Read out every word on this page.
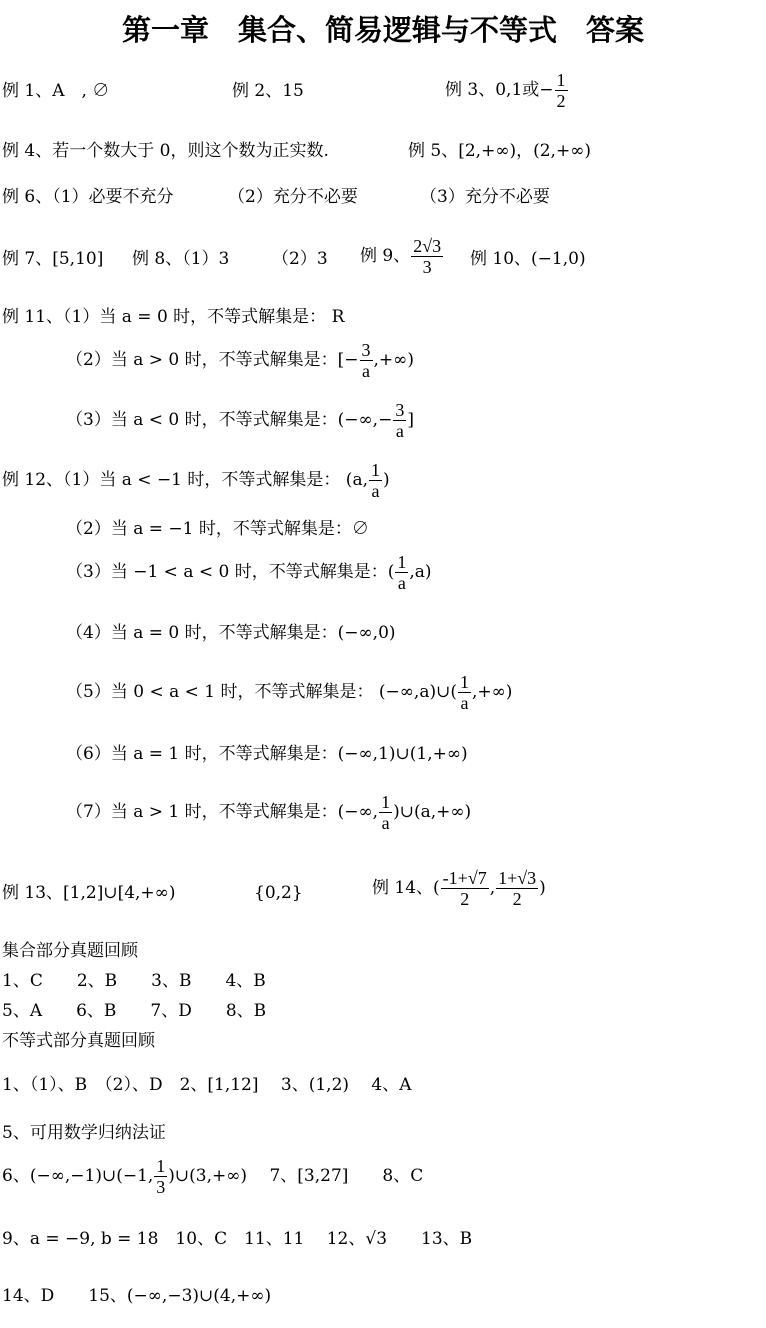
第一章　集合、简易逻辑与不等式　答案
例 1、A　, ∅	例 2、15	例 3、0,1或− $\frac{1}{2}$
例 4、若一个数大于 0，则这个数为正实数.	例 5、[2,+∞)，(2,+∞)
例 6、（1）必要不充分	（2）充分不必要	（3）充分不必要
例 7、[5,10] 例 8、（1）3	（2）3 例 9、 $\frac{2√3}{3}$ 例 10、(−1,0)
例 11、（1）当 a = 0 时，不等式解集是： R
（2）当 a > 0 时，不等式解集是：[− $\frac{3}{a}$ ,+∞)
（3）当 a < 0 时，不等式解集是：(−∞,− $\frac{3}{a}$ ]
例 12、（1）当 a < −1 时，不等式解集是： (a, $\frac{1}{a}$ )
（2）当 a = −1 时，不等式解集是：∅
（3）当 −1 < a < 0 时，不等式解集是：( $\frac{1}{a} ,a$)
（4）当 a = 0 时，不等式解集是：(−∞,0)
（5）当 0 < a < 1 时，不等式解集是： (−∞,a)∪( $\frac{1}{a}$ ,+∞)
（6）当 a = 1 时，不等式解集是：(−∞,1)∪(1,+∞)
（7）当 a > 1 时，不等式解集是：(−∞, $\frac{1}{a}$ )∪(a,+∞)
例 13、[1,2]∪[4,+∞)	{0,2}	例 14、( $\frac{-1+√7}{2}$ , $\frac{1+√3}{2}$ )
集合部分真题回顾
1、C　　2、B　　3、B　　4、B
5、A　　6、B　　7、D　　8、B
不等式部分真题回顾
1、（1）、B　（2）、D　2、[1,12]　 3、(1,2)　 4、A
5、可用数学归纳法证
6、(−∞,−1)∪(−1, $\frac{1}{3}$ )∪(3,+∞)　 7、[3,27]　　8、C
9、a = −9, b = 18　10、C　11、11　 12、√3　　13、B
14、D　　15、(−∞,−3)∪(4,+∞)
